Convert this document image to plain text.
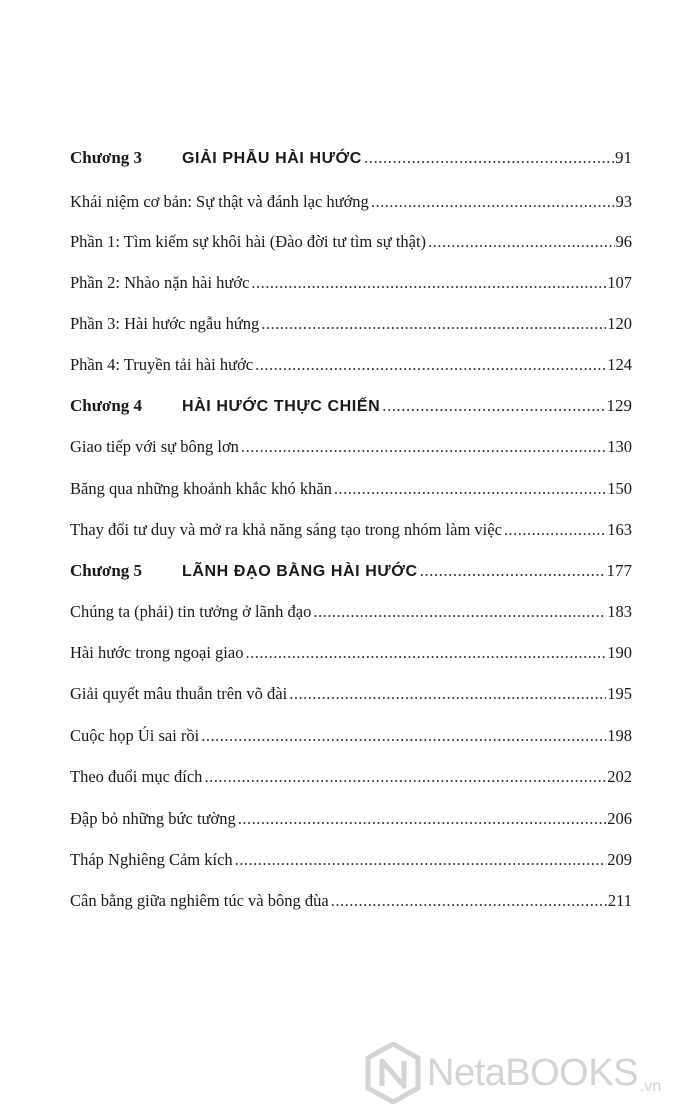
Chương 3 GIẢI PHẪU HÀI HƯỚC .....	91
Khái niệm cơ bản: Sự thật và đánh lạc hướng .....	93
Phần 1: Tìm kiếm sự khôi hài (Đào đời tư tìm sự thật) .....	96
Phần 2: Nhào nặn hài hước .....	107
Phần 3: Hài hước ngẫu hứng .....	120
Phần 4: Truyền tải hài hước .....	124
Chương 4 HÀI HƯỚC THỰC CHIẾN .....	129
Giao tiếp với sự bông lơn .....	130
Băng qua những khoảnh khắc khó khăn .....	150
Thay đổi tư duy và mở ra khả năng sáng tạo trong nhóm làm việc .....	163
Chương 5 LÃNH ĐẠO BẰNG HÀI HƯỚC .....	177
Chúng ta (phải) tin tưởng ở lãnh đạo .....	183
Hài hước trong ngoại giao .....	190
Giải quyết mâu thuẫn trên võ đài .....	195
Cuộc họp Úi sai rồi .....	198
Theo đuổi mục đích .....	202
Đập bỏ những bức tường .....	206
Tháp Nghiêng Cảm kích .....	209
Cân bằng giữa nghiêm túc và bông đùa .....	211
NetaBOOKS .vn
